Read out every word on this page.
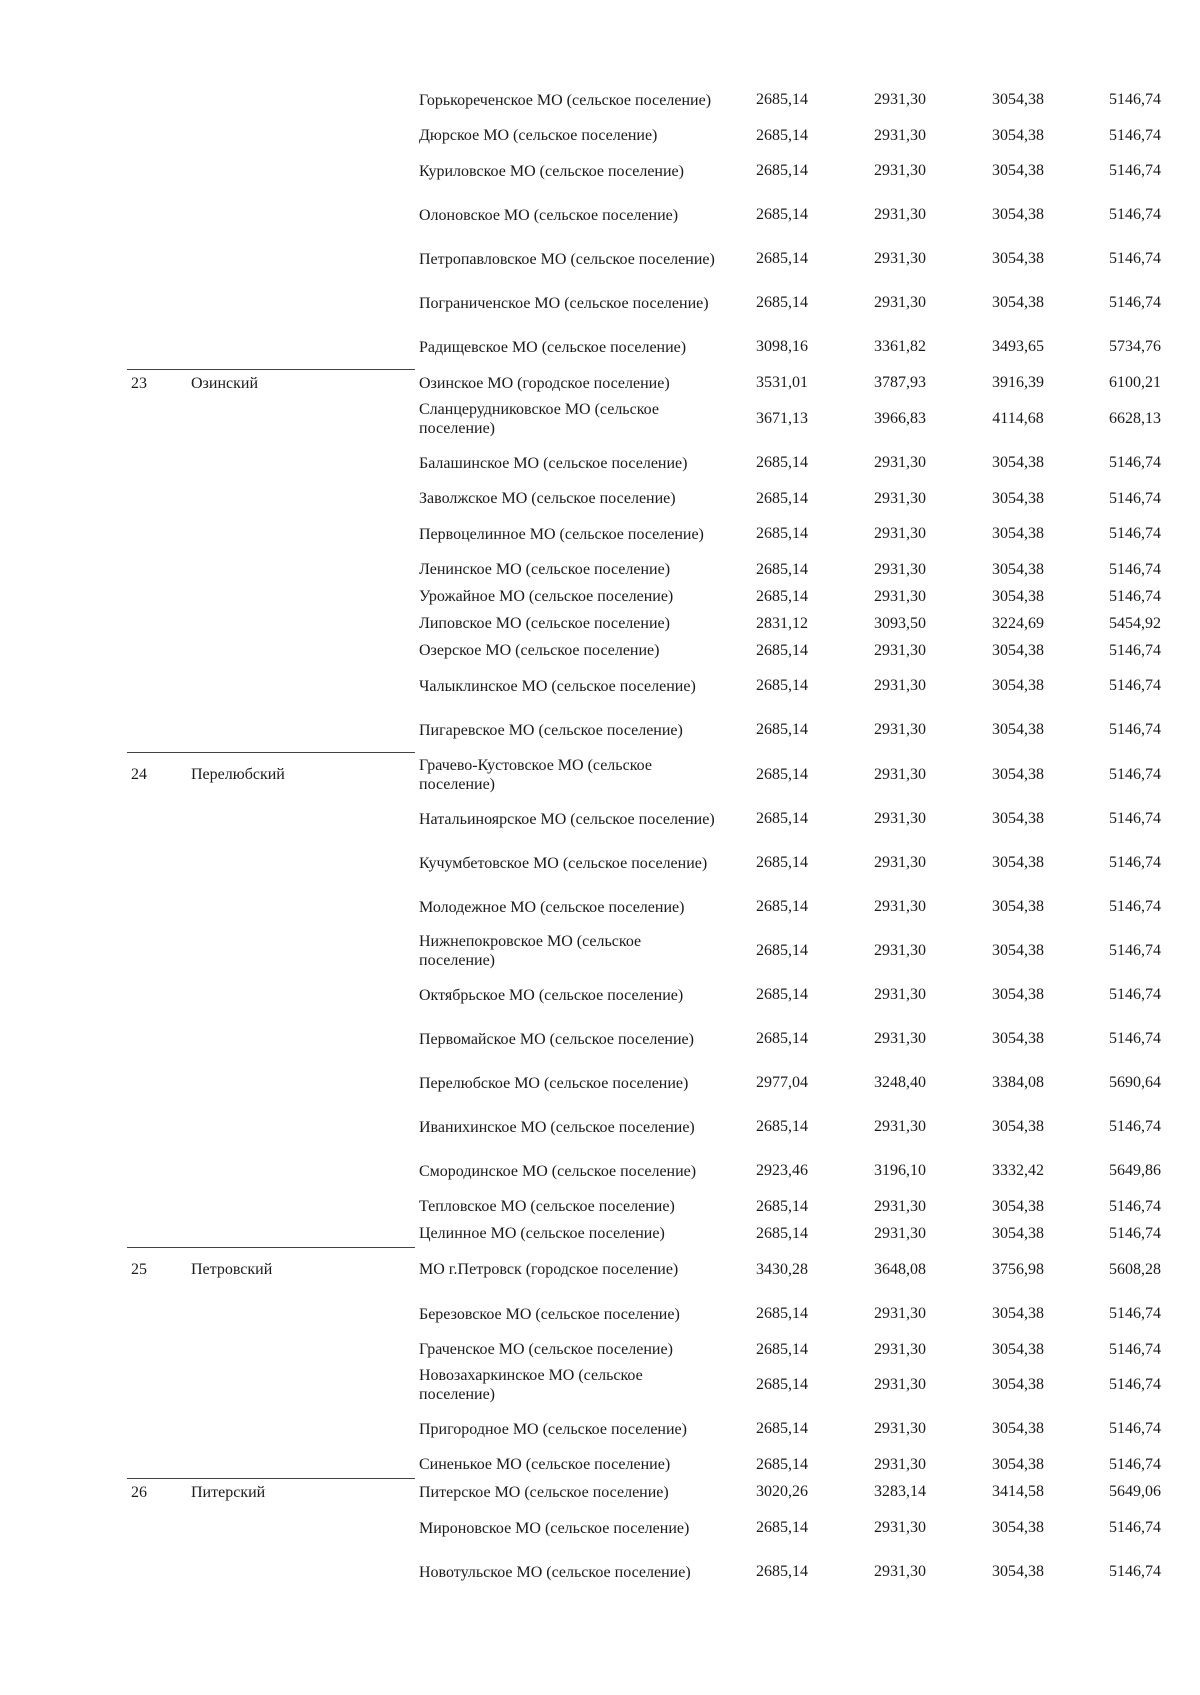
		Горькореченское МО (сельское поселение)	2685,14	2931,30	3054,38	5146,74
		Дюрское МО (сельское поселение)	2685,14	2931,30	3054,38	5146,74
		Куриловское МО (сельское поселение)	2685,14	2931,30	3054,38	5146,74
		Олоновское МО (сельское поселение)	2685,14	2931,30	3054,38	5146,74
		Петропавловское МО (сельское поселение)	2685,14	2931,30	3054,38	5146,74
		Пограниченское МО (сельское поселение)	2685,14	2931,30	3054,38	5146,74
		Радищевское МО (сельское поселение)	3098,16	3361,82	3493,65	5734,76
23	Озинский	Озинское МО (городское поселение)	3531,01	3787,93	3916,39	6100,21
		Сланцерудниковское МО (сельское поселение)	3671,13	3966,83	4114,68	6628,13
		Балашинское МО (сельское поселение)	2685,14	2931,30	3054,38	5146,74
		Заволжское МО (сельское поселение)	2685,14	2931,30	3054,38	5146,74
		Первоцелинное МО (сельское поселение)	2685,14	2931,30	3054,38	5146,74
		Ленинское МО (сельское поселение)	2685,14	2931,30	3054,38	5146,74
		Урожайное МО (сельское поселение)	2685,14	2931,30	3054,38	5146,74
		Липовское МО (сельское поселение)	2831,12	3093,50	3224,69	5454,92
		Озерское МО (сельское поселение)	2685,14	2931,30	3054,38	5146,74
		Чалыклинское МО (сельское поселение)	2685,14	2931,30	3054,38	5146,74
		Пигаревское МО (сельское поселение)	2685,14	2931,30	3054,38	5146,74
24	Перелюбский	Грачево-Кустовское МО (сельское поселение)	2685,14	2931,30	3054,38	5146,74
		Натальиноярское МО (сельское поселение)	2685,14	2931,30	3054,38	5146,74
		Кучумбетовское МО (сельское поселение)	2685,14	2931,30	3054,38	5146,74
		Молодежное МО (сельское поселение)	2685,14	2931,30	3054,38	5146,74
		Нижнепокровское МО (сельское поселение)	2685,14	2931,30	3054,38	5146,74
		Октябрьское МО (сельское поселение)	2685,14	2931,30	3054,38	5146,74
		Первомайское МО (сельское поселение)	2685,14	2931,30	3054,38	5146,74
		Перелюбское МО (сельское поселение)	2977,04	3248,40	3384,08	5690,64
		Иванихинское МО (сельское поселение)	2685,14	2931,30	3054,38	5146,74
		Смородинское МО (сельское поселение)	2923,46	3196,10	3332,42	5649,86
		Тепловское МО (сельское поселение)	2685,14	2931,30	3054,38	5146,74
		Целинное МО (сельское поселение)	2685,14	2931,30	3054,38	5146,74
25	Петровский	МО г.Петровск (городское поселение)	3430,28	3648,08	3756,98	5608,28
		Березовское МО (сельское поселение)	2685,14	2931,30	3054,38	5146,74
		Граченское МО (сельское поселение)	2685,14	2931,30	3054,38	5146,74
		Новозахаркинское МО (сельское поселение)	2685,14	2931,30	3054,38	5146,74
		Пригородное МО (сельское поселение)	2685,14	2931,30	3054,38	5146,74
		Синенькое МО (сельское поселение)	2685,14	2931,30	3054,38	5146,74
26	Питерский	Питерское МО (сельское поселение)	3020,26	3283,14	3414,58	5649,06
		Мироновское МО (сельское поселение)	2685,14	2931,30	3054,38	5146,74
		Новотульское МО (сельское поселение)	2685,14	2931,30	3054,38	5146,74
